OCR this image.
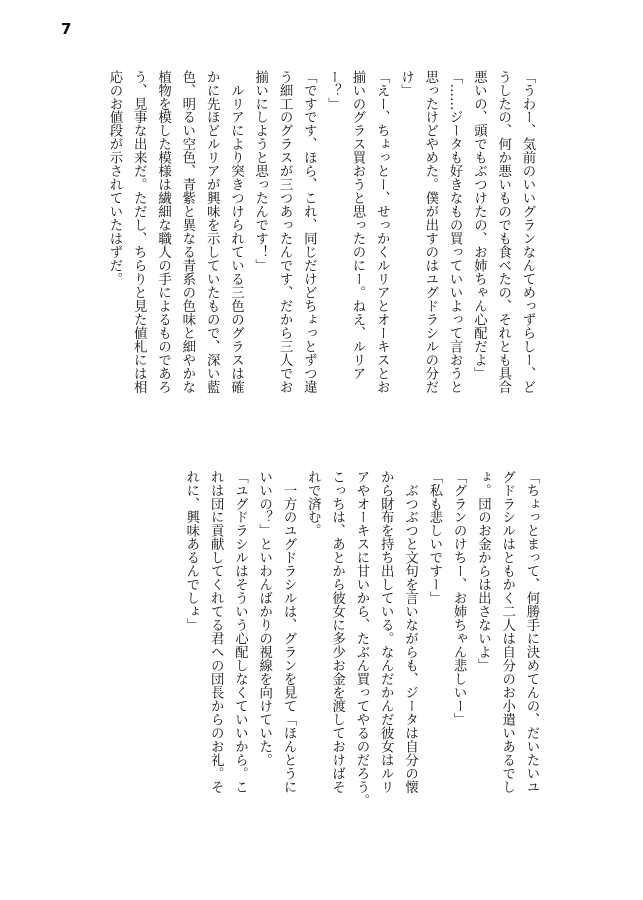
7
「うわー、気前のいいグランなんてめっずらしー、ど
うしたの、何か悪いものでも食べたの、それとも具合
悪いの、頭でもぶつけたの、お姉ちゃん心配だよ」
「……ジータも好きなもの買っていいよって言おうと
思ったけどやめた。僕が出すのはユグドラシルの分だ
け」
「えー、ちょっとー、せっかくルリアとオーキスとお
揃いのグラス買おうと思ったのにー。ねえ、ルリア
ー？」
「ですです、ほら、これ、同じだけどちょっとずつ違
う細工のグラスが三つあったんです、だから三人でお
揃いにしようと思ったんです！」
　ルリアにより突きつけられている三色のグラスは確
かに先ほどルリアが興味を示していたもので、深い藍
色、明るい空色、青紫と異なる青系の色味と細やかな
植物を模した模様は繊細な職人の手によるものであろ
う、見事な出来だ。ただし、ちらりと見た値札には相
応のお値段が示されていたはずだ。
「ちょっとまって、何勝手に決めてんの、だいたいユ
グドラシルはともかく二人は自分のお小遣いあるでし
ょ。団のお金からは出さないよ」
「グランのけちー、お姉ちゃん悲しいー」
「私も悲しいですー」
　ぶつぶつと文句を言いながらも、ジータは自分の懐
から財布を持ち出している。なんだかんだ彼女はルリ
アやオーキスに甘いから、たぶん買ってやるのだろう。
こっちは、あとから彼女に多少お金を渡しておけばそ
れで済む。
　一方のユグドラシルは、グランを見て「ほんとうに
いいの？」といわんばかりの視線を向けていた。
「ユグドラシルはそういう心配しなくていいから。こ
れは団に貢献してくれてる君への団長からのお礼。そ
れに、興味あるんでしょ」
